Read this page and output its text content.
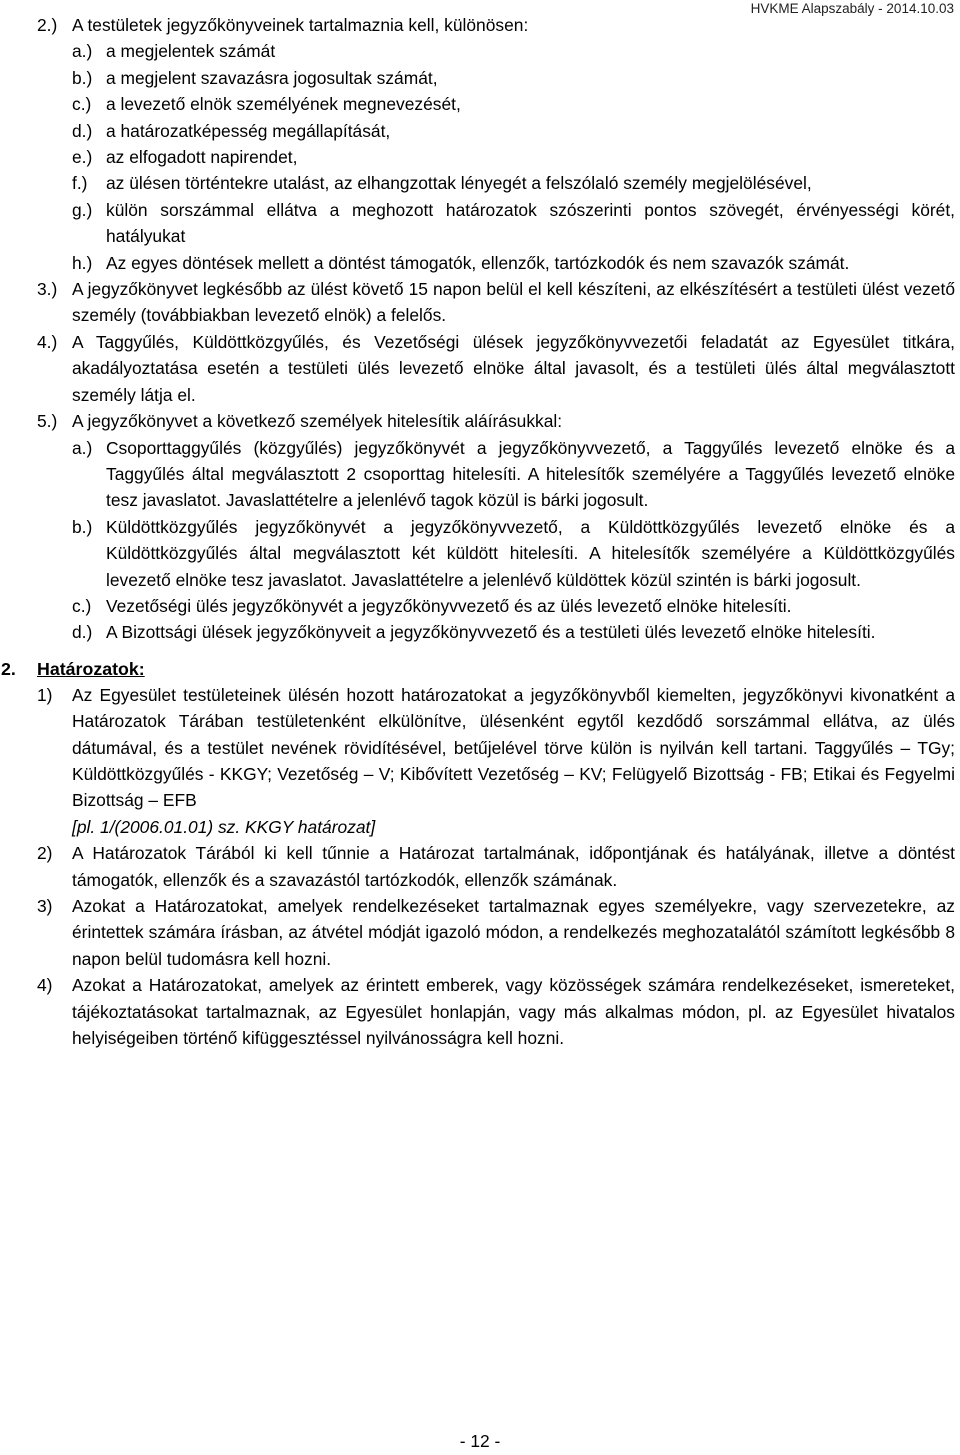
HVKME Alapszabály - 2014.10.03
2.) A testületek jegyzőkönyveinek tartalmaznia kell, különösen:
a.) a megjelentek számát
b.) a megjelent szavazásra jogosultak számát,
c.) a levezető elnök személyének megnevezését,
d.) a határozatképesség megállapítását,
e.) az elfogadott napirendet,
f.)	az ülésen történtekre utalást, az elhangzottak lényegét a felszólaló személy megjelölésével,
g.) külön sorszámmal ellátva a meghozott határozatok szószerinti pontos szövegét, érvényességi körét, hatályukat
h.) Az egyes döntések mellett a döntést támogatók, ellenzők, tartózkodók és nem szavazók számát.
3.) A jegyzőkönyvet legkésőbb az ülést követő 15 napon belül el kell készíteni, az elkészítésért a testületi ülést vezető személy (továbbiakban levezető elnök) a felelős.
4.) A Taggyűlés, Küldöttközgyűlés, és Vezetőségi ülések jegyzőkönyvvezetői feladatát az Egyesület titkára, akadályoztatása esetén a testületi ülés levezető elnöke által javasolt, és a testületi ülés által megválasztott személy látja el.
5.) A jegyzőkönyvet a következő személyek hitelesítik aláírásukkal:
a.) Csoporttaggyűlés (közgyűlés) jegyzőkönyvét a jegyzőkönyvvezető, a Taggyűlés levezető elnöke és a Taggyűlés által megválasztott 2 csoporttag hitelesíti. A hitelesítők személyére a Taggyűlés levezető elnöke tesz javaslatot. Javaslattételre a jelenlévő tagok közül is bárki jogosult.
b.) Küldöttközgyűlés jegyzőkönyvét a jegyzőkönyvvezető, a Küldöttközgyűlés levezető elnöke és a Küldöttközgyűlés által megválasztott két küldött hitelesíti. A hitelesítők személyére a Küldöttközgyűlés levezető elnöke tesz javaslatot. Javaslattételre a jelenlévő küldöttek közül szintén is bárki jogosult.
c.) Vezetőségi ülés jegyzőkönyvét a jegyzőkönyvvezető és az ülés levezető elnöke hitelesíti.
d.) A Bizottsági ülések jegyzőkönyveit a jegyzőkönyvvezető és a testületi ülés levezető elnöke hitelesíti.
2.	Határozatok:
1)	Az Egyesület testületeinek ülésén hozott határozatokat a jegyzőkönyvből kiemelten, jegyzőkönyvi kivonatként a Határozatok Tárában testületenként elkülönítve, ülésenként egytől kezdődő sorszámmal ellátva, az ülés dátumával, és a testület nevének rövidítésével, betűjelével törve külön is nyilván kell tartani. Taggyűlés – TGy; Küldöttközgyűlés - KKGY; Vezetőség – V; Kibővített Vezetőség – KV; Felügyelő Bizottság - FB; Etikai és Fegyelmi Bizottság – EFB
[pl. 1/(2006.01.01) sz. KKGY határozat]
2)	A Határozatok Tárából ki kell tűnnie a Határozat tartalmának, időpontjának és hatályának, illetve a döntést támogatók, ellenzők és a szavazástól tartózkodók, ellenzők számának.
3)	Azokat a Határozatokat, amelyek rendelkezéseket tartalmaznak egyes személyekre, vagy szervezetekre, az érintettek számára írásban, az átvétel módját igazoló módon, a rendelkezés meghozatalától számított legkésőbb 8 napon belül tudomásra kell hozni.
4)	Azokat a Határozatokat, amelyek az érintett emberek, vagy közösségek számára rendelkezéseket, ismereteket, tájékoztatásokat tartalmaznak, az Egyesület honlapján, vagy más alkalmas módon, pl. az Egyesület hivatalos helyiségeiben történő kifüggesztéssel nyilvánosságra kell hozni.
- 12 -
